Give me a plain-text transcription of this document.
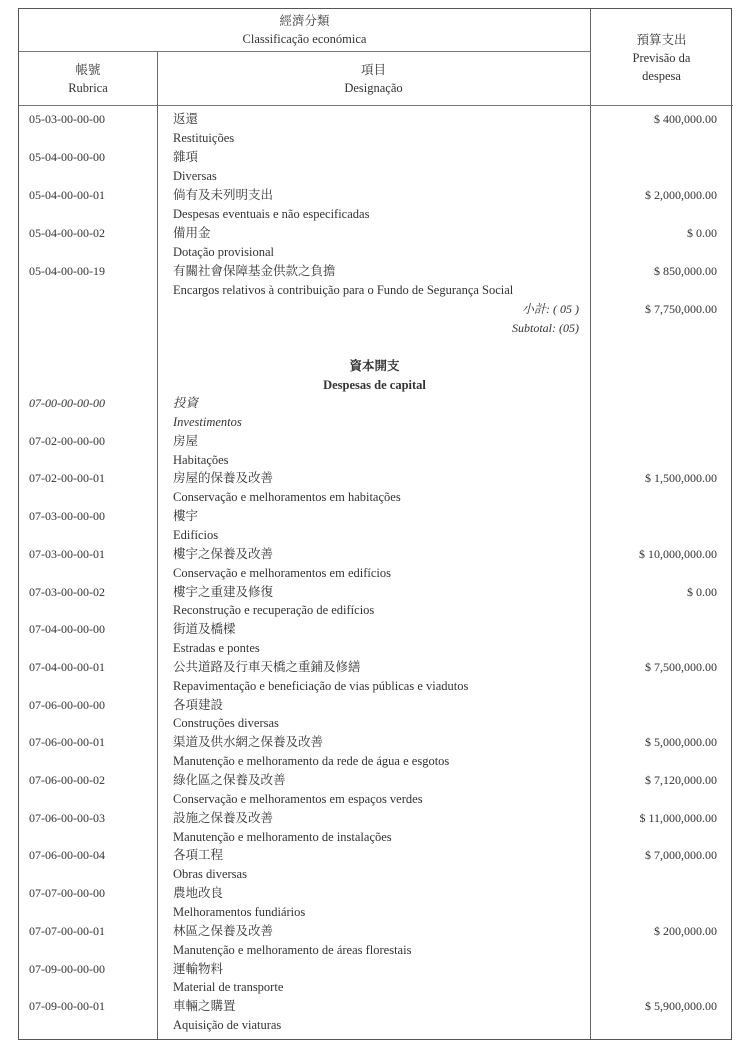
經濟分類
Classificação económica
帳號
Rubrica
項目
Designação
預算支出
Previsão da
despesa
05-03-00-00-00	返還	$ 400,000.00
Restituições
05-04-00-00-00	雜項
Diversas
05-04-00-00-01	倘有及未列明支出	$ 2,000,000.00
Despesas eventuais e não especificadas
05-04-00-00-02	備用金	$ 0.00
Dotação provisional
05-04-00-00-19	有關社會保障基金供款之負擔	$ 850,000.00
Encargos relativos à contribuição para o Fundo de Segurança Social
小計: ( 05 )	$ 7,750,000.00
Subtotal: (05)
資本開支
Despesas de capital
07-00-00-00-00	投資
Investimentos
07-02-00-00-00	房屋
Habitações
07-02-00-00-01	房屋的保養及改善	$ 1,500,000.00
Conservação e melhoramentos em habitações
07-03-00-00-00	樓宇
Edifícios
07-03-00-00-01	樓宇之保養及改善	$ 10,000,000.00
Conservação e melhoramentos em edifícios
07-03-00-00-02	樓宇之重建及修復	$ 0.00
Reconstrução e recuperação de edifícios
07-04-00-00-00	街道及橋樑
Estradas e pontes
07-04-00-00-01	公共道路及行車天橋之重鋪及修繕	$ 7,500,000.00
Repavimentação e beneficiação de vias públicas e viadutos
07-06-00-00-00	各項建設
Construções diversas
07-06-00-00-01	渠道及供水網之保養及改善	$ 5,000,000.00
Manutenção e melhoramento da rede de água e esgotos
07-06-00-00-02	綠化區之保養及改善	$ 7,120,000.00
Conservação e melhoramentos em espaços verdes
07-06-00-00-03	設施之保養及改善	$ 11,000,000.00
Manutenção e melhoramento de instalações
07-06-00-00-04	各項工程	$ 7,000,000.00
Obras diversas
07-07-00-00-00	農地改良
Melhoramentos fundiários
07-07-00-00-01	林區之保養及改善	$ 200,000.00
Manutenção e melhoramento de áreas florestais
07-09-00-00-00	運輸物料
Material de transporte
07-09-00-00-01	車輛之購置	$ 5,900,000.00
Aquisição de viaturas
